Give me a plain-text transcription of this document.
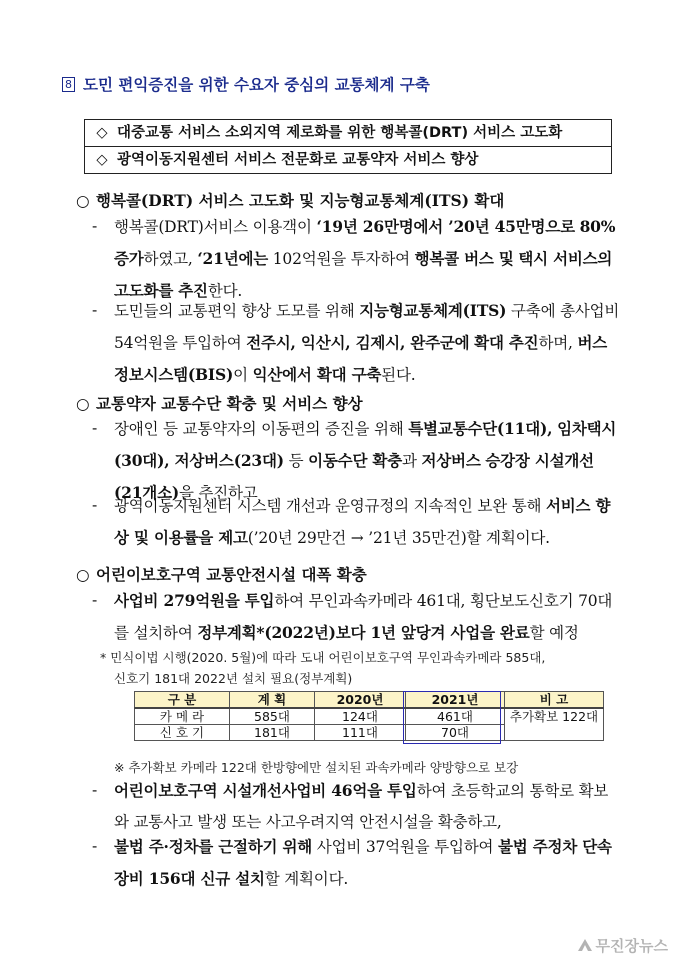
8 도민 편익증진을 위한 수요자 중심의 교통체계 구축
◇ 대중교통 서비스 소외지역 제로화를 위한 행복콜(DRT) 서비스 고도화
◇ 광역이동지원센터 서비스 전문화로 교통약자 서비스 향상
○ 행복콜(DRT) 서비스 고도화 및 지능형교통체계(ITS) 확대
- 행복콜(DRT)서비스 이용객이 ‘19년 26만명에서 ’20년 45만명으로 80% 증가하였고, ‘21년에는 102억원을 투자하여 행복콜 버스 및 택시 서비스의 고도화를 추진한다.
- 도민들의 교통편익 향상 도모를 위해 지능형교통체계(ITS) 구축에 총사업비 54억원을 투입하여 전주시, 익산시, 김제시, 완주군에 확대 추진하며, 버스정보시스템(BIS)이 익산에서 확대 구축된다.
○ 교통약자 교통수단 확충 및 서비스 향상
- 장애인 등 교통약자의 이동편의 증진을 위해 특별교통수단(11대), 임차택시(30대), 저상버스(23대) 등 이동수단 확충과 저상버스 승강장 시설개선(21개소)을 추진하고
- 광역이동지원센터 시스템 개선과 운영규정의 지속적인 보완 통해 서비스 향상 및 이용률을 제고(’20년 29만건 → ’21년 35만건)할 계획이다.
○ 어린이보호구역 교통안전시설 대폭 확충
- 사업비 279억원을 투입하여 무인과속카메라 461대, 횡단보도신호기 70대를 설치하여 정부계획*(2022년)보다 1년 앞당겨 사업을 완료할 예정
* 민식이법 시행(2020. 5월)에 따라 도내 어린이보호구역 무인과속카메라 585대,
신호기 181대 2022년 설치 필요(정부계획)
구 분	계 획	2020년	2021년	비 고
카 메 라	585대	124대	461대	추가확보 122대
신 호 기	181대	111대	70대	
※ 추가확보 카메라 122대 한방향에만 설치된 과속카메라 양방향으로 보강
- 어린이보호구역 시설개선사업비 46억을 투입하여 초등학교의 통학로 확보와 교통사고 발생 또는 사고우려지역 안전시설을 확충하고,
- 불법 주·정차를 근절하기 위해 사업비 37억원을 투입하여 불법 주정차 단속장비 156대 신규 설치할 계획이다.
무진장뉴스
